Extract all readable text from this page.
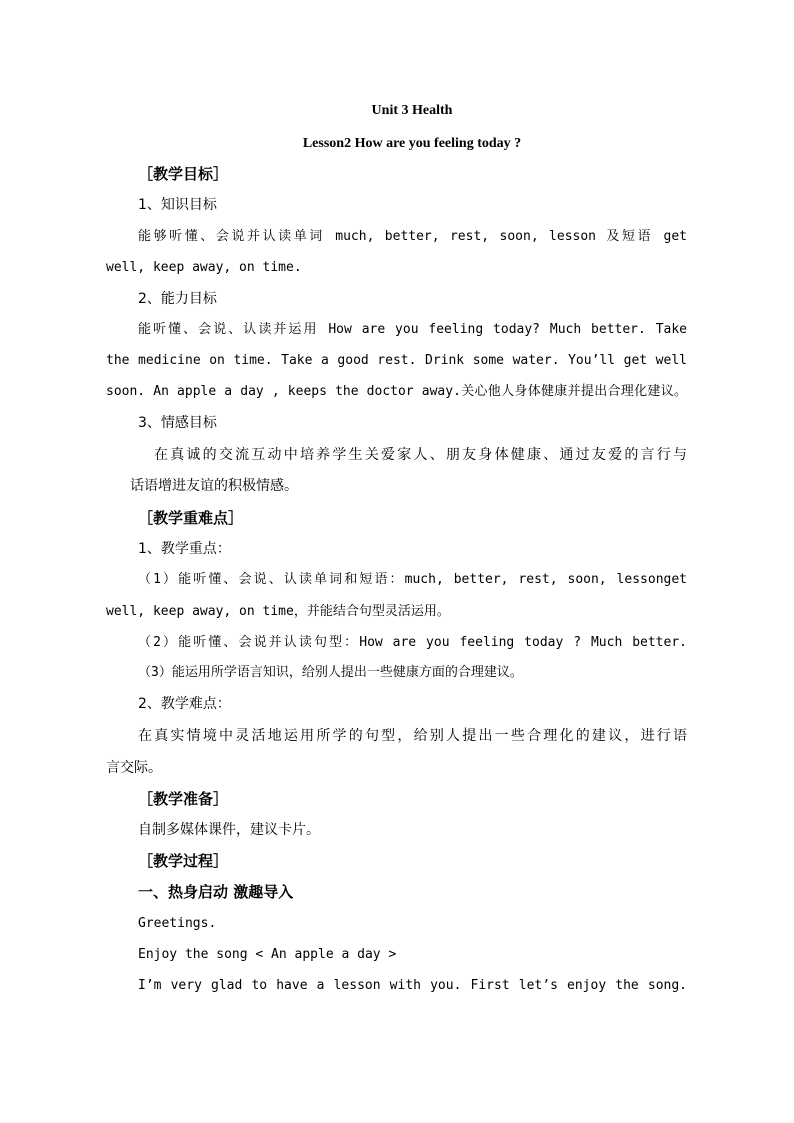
Unit 3 Health
Lesson2 How are you feeling today ?
［教学目标］
1、知识目标
能够听懂、会说并认读单词 much, better, rest, soon, lesson 及短语 get
well, keep away, on time.
2、能力目标
能听懂、会说、认读并运用 How are you feeling today? Much better. Take
the medicine on time. Take a good rest. Drink some water. You’ll get well
soon. An apple a day , keeps the doctor away.关心他人身体健康并提出合理化建议。
3、情感目标
在真诚的交流互动中培养学生关爱家人、朋友身体健康、通过友爱的言行与
话语增进友谊的积极情感。
［教学重难点］
1、教学重点：
（1）能听懂、会说、认读单词和短语：much, better, rest, soon, lessonget
well, keep away, on time，并能结合句型灵活运用。
（2）能听懂、会说并认读句型：How are you feeling today ? Much better.
（3）能运用所学语言知识，给别人提出一些健康方面的合理建议。
2、教学难点：
在真实情境中灵活地运用所学的句型，给别人提出一些合理化的建议，进行语
言交际。
［教学准备］
自制多媒体课件，建议卡片。
［教学过程］
一、热身启动 激趣导入
Greetings.
Enjoy the song < An apple a day >
I’m very glad to have a lesson with you. First let’s enjoy the song.
